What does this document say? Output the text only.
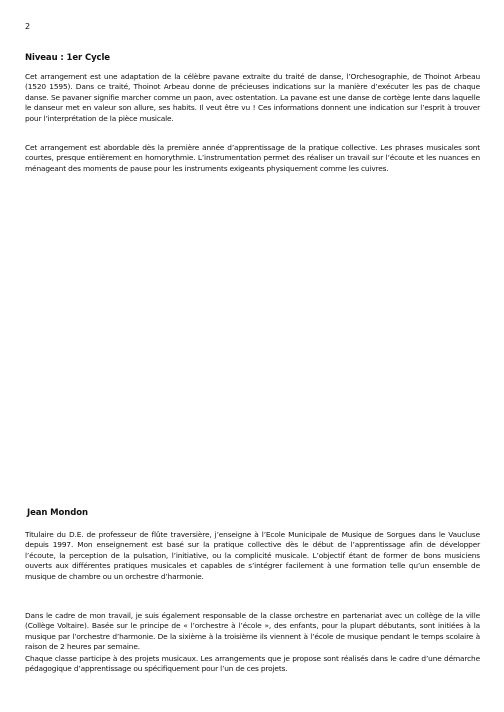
2
Niveau : 1er Cycle

Cet arrangement est une adaptation de la célèbre pavane extraite du traité de danse, l’Orchesographie, de Thoinot Arbeau (1520 1595). Dans ce traité, Thoinot Arbeau donne de précieuses indications sur la manière d’exécuter les pas de chaque danse. Se pavaner signifie marcher comme un paon, avec ostentation. La pavane est une danse de cortège lente dans laquelle le danseur met en valeur son allure, ses habits. Il veut être vu ! Ces informations donnent une indication sur l’esprit à trouver pour l’interprétation de la pièce musicale.

Cet arrangement est abordable dès la première année d’apprentissage de la pratique collective. Les phrases musicales sont courtes, presque entièrement en homorythmie. L’instrumentation permet des réaliser un travail sur l’écoute et les nuances en ménageant des moments de pause pour les instruments exigeants physiquement comme les cuivres.

Jean Mondon

Titulaire du D.E. de professeur de flûte traversière, j’enseigne à l’Ecole Municipale de Musique de Sorgues dans le Vaucluse depuis 1997. Mon enseignement est basé sur la pratique collective dès le début de l’apprentissage afin de développer l’écoute, la perception de la pulsation, l’initiative, ou la complicité musicale. L’objectif étant de former de bons musiciens ouverts aux différentes pratiques musicales et capables de s’intégrer facilement à une formation telle qu’un ensemble de musique de chambre ou un orchestre d’harmonie.

Dans le cadre de mon travail, je suis également responsable de la classe orchestre en partenariat avec un collège de la ville (Collège Voltaire). Basée sur le principe de « l’orchestre à l’école », des enfants, pour la plupart débutants, sont initiées à la musique par l’orchestre d’harmonie. De la sixième à la troisième ils viennent à l’école de musique pendant le temps scolaire à raison de 2 heures par semaine.

Chaque classe participe à des projets musicaux. Les arrangements que je propose sont réalisés dans le cadre d’une démarche pédagogique d’apprentissage ou spécifiquement pour l’un de ces projets.
